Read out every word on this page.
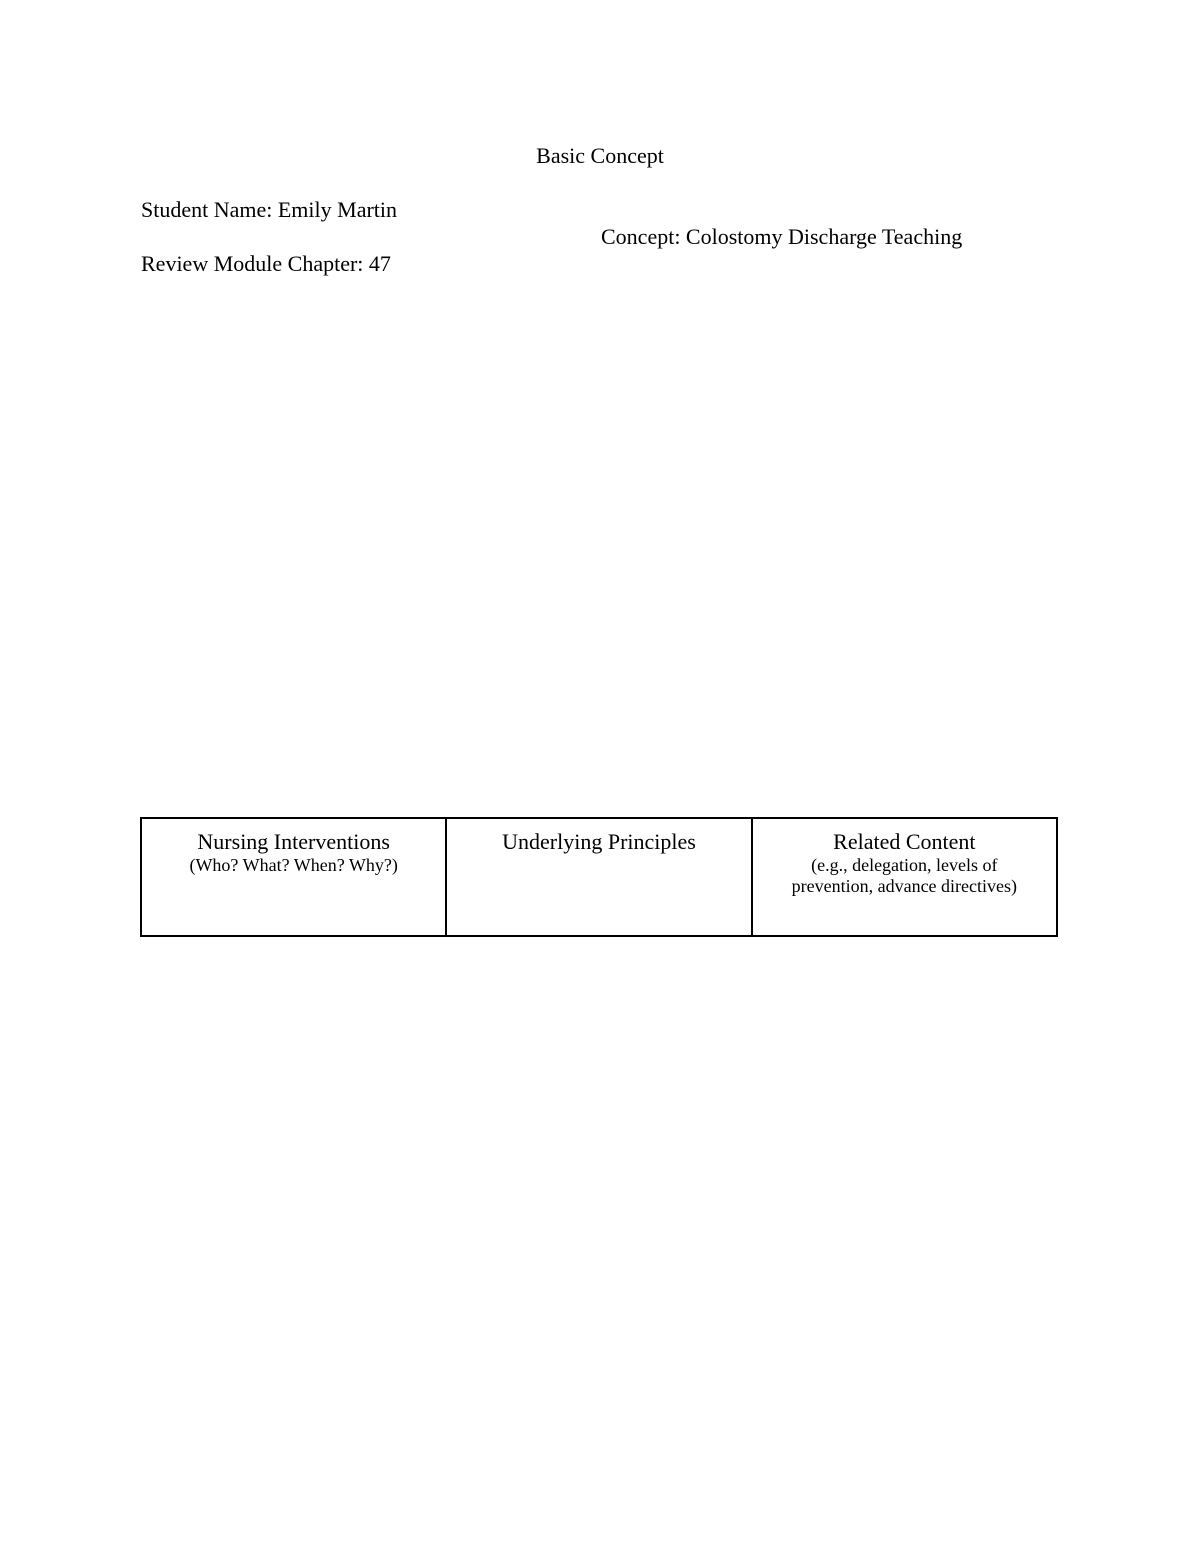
Basic Concept
Student Name: Emily Martin
Concept: Colostomy Discharge Teaching
Review Module Chapter: 47
Nursing Interventions
(Who? What? When? Why?)
Underlying Principles	Related Content
(e.g., delegation, levels of prevention, advance directives)
